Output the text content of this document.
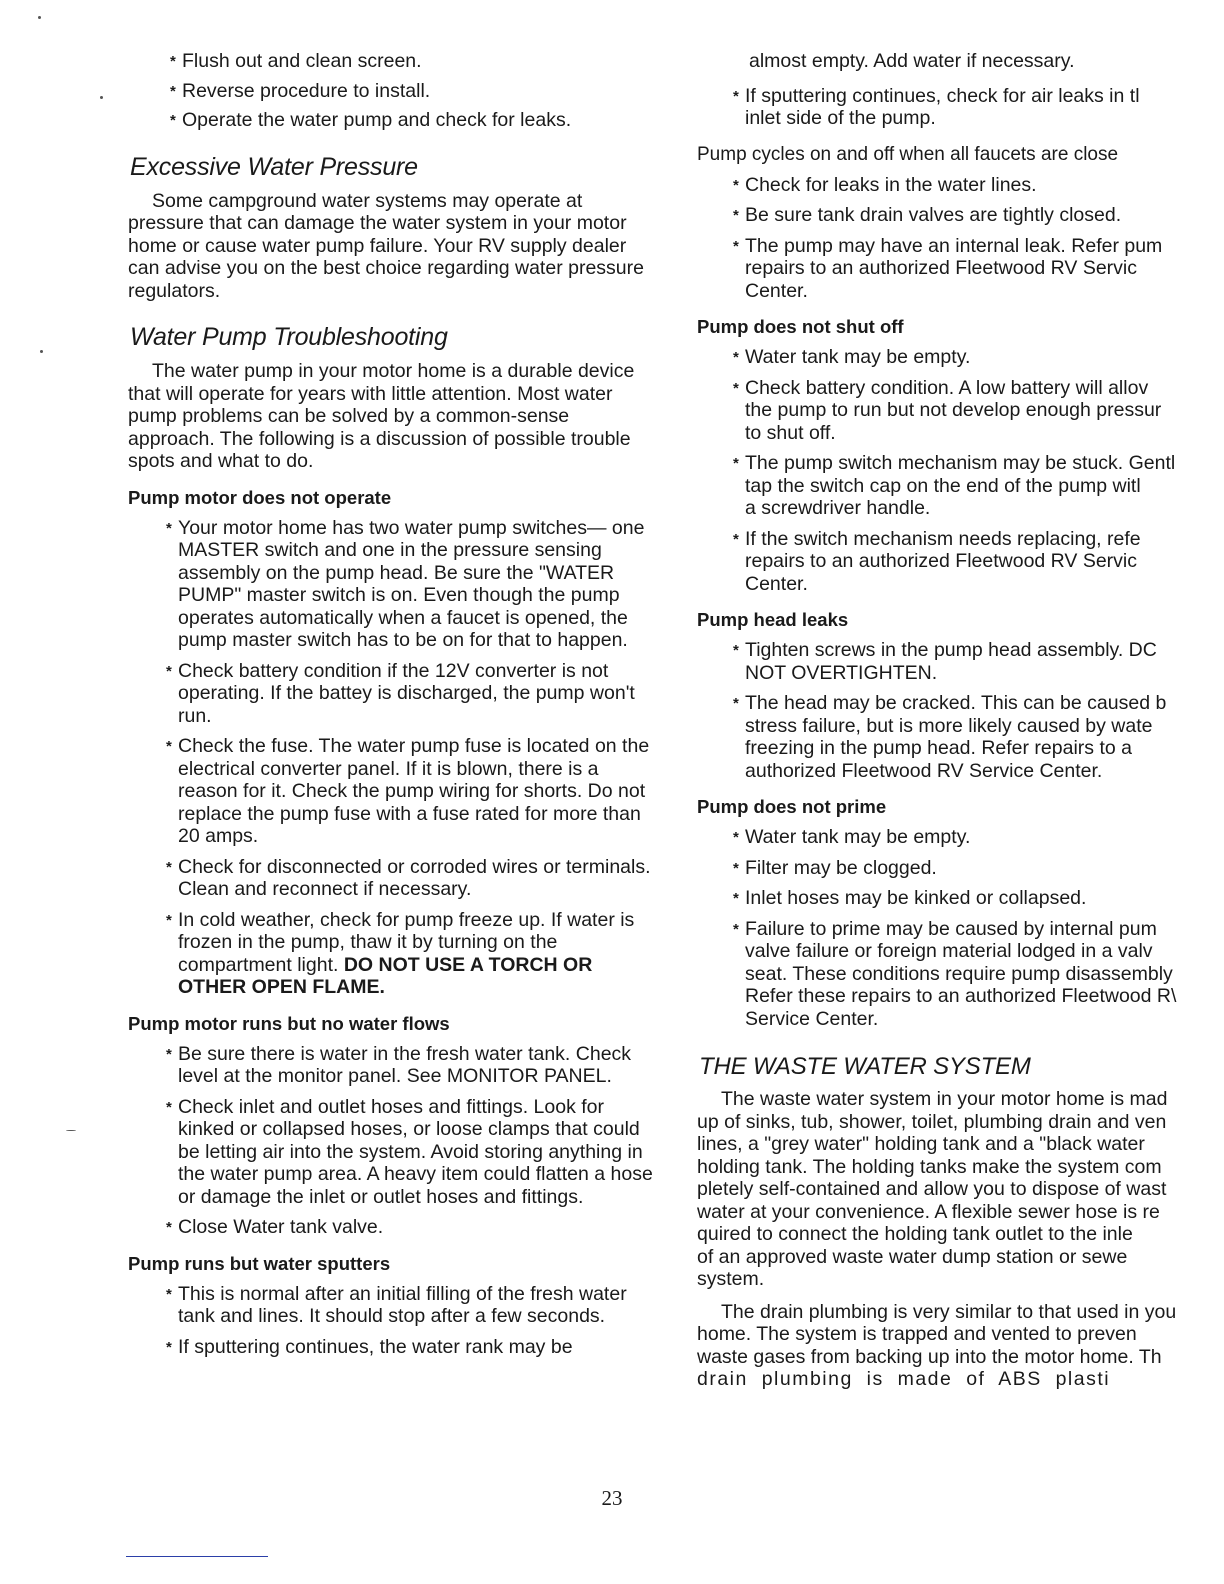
* Flush out and clean screen.
* Reverse procedure to install.
* Operate the water pump and check for leaks.
Excessive Water Pressure

Some campground water systems may operate at pressure that can damage the water system in your motor home or cause water pump failure. Your RV supply dealer can advise you on the best choice regarding water pressure regulators.

Water Pump Troubleshooting

The water pump in your motor home is a durable device that will operate for years with little attention. Most water pump problems can be solved by a common-sense approach. The following is a discussion of possible trouble spots and what to do.

Pump motor does not operate
* Your motor home has two water pump switches— one MASTER switch and one in the pressure sensing assembly on the pump head. Be sure the "WATER PUMP" master switch is on. Even though the pump operates automatically when a faucet is opened, the pump master switch has to be on for that to happen.
* Check battery condition if the 12V converter is not operating. If the battey is discharged, the pump won't run.
* Check the fuse. The water pump fuse is located on the electrical converter panel. If it is blown, there is a reason for it. Check the pump wiring for shorts. Do not replace the pump fuse with a fuse rated for more than 20 amps.
* Check for disconnected or corroded wires or terminals. Clean and reconnect if necessary.
* In cold weather, check for pump freeze up. If water is frozen in the pump, thaw it by turning on the compartment light. DO NOT USE A TORCH OR OTHER OPEN FLAME.
Pump motor runs but no water flows
* Be sure there is water in the fresh water tank. Check level at the monitor panel. See MONITOR PANEL.
* Check inlet and outlet hoses and fittings. Look for kinked or collapsed hoses, or loose clamps that could be letting air into the system. Avoid storing anything in the water pump area. A heavy item could flatten a hose or damage the inlet or outlet hoses and fittings.
* Close Water tank valve.
Pump runs but water sputters
* This is normal after an initial filling of the fresh water tank and lines. It should stop after a few seconds.
* If sputtering continues, the water rank may be

almost empty. Add water if necessary.

* If sputtering continues, check for air leaks in tl
inlet side of the pump.
Pump cycles on and off when all faucets are close
* Check for leaks in the water lines.
* Be sure tank drain valves are tightly closed.
* The pump may have an internal leak. Refer pum
repairs to an authorized Fleetwood RV Servic
Center.
Pump does not shut off
* Water tank may be empty.
* Check battery condition. A low battery will allov
the pump to run but not develop enough pressur
to shut off.
* The pump switch mechanism may be stuck. Gentl
tap the switch cap on the end of the pump witl
a screwdriver handle.
* If the switch mechanism needs replacing, refe
repairs to an authorized Fleetwood RV Servic
Center.
Pump head leaks
* Tighten screws in the pump head assembly. DC
NOT OVERTIGHTEN.
* The head may be cracked. This can be caused b
stress failure, but is more likely caused by wate
freezing in the pump head. Refer repairs to a
authorized Fleetwood RV Service Center.
Pump does not prime
* Water tank may be empty.
* Filter may be clogged.
* Inlet hoses may be kinked or collapsed.
* Failure to prime may be caused by internal pum
valve failure or foreign material lodged in a valv
seat. These conditions require pump disassembly
Refer these repairs to an authorized Fleetwood R\
Service Center.
THE WASTE WATER SYSTEM

The waste water system in your motor home is mad
up of sinks, tub, shower, toilet, plumbing drain and ven
lines, a "grey water" holding tank and a "black water
holding tank. The holding tanks make the system com
pletely self-contained and allow you to dispose of wast
water at your convenience. A flexible sewer hose is re
quired to connect the holding tank outlet to the inle
of an approved waste water dump station or sewe
system.

The drain plumbing is very similar to that used in you
home. The system is trapped and vented to preven
waste gases from backing up into the motor home. Th
drain  plumbing  is  made  of  ABS  plasti

23
